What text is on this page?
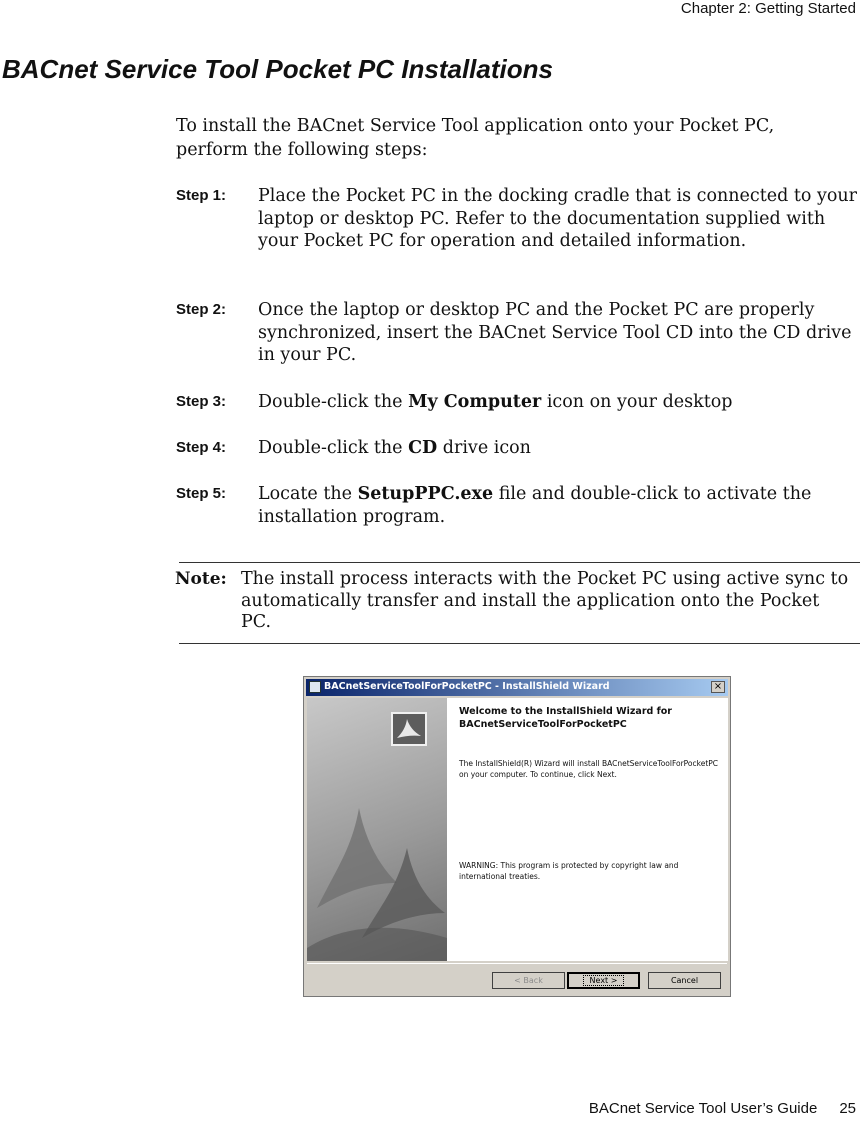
Chapter 2: Getting Started
BACnet Service Tool Pocket PC Installations

To install the BACnet Service Tool application onto your Pocket PC, perform the following steps:

Step 1: Place the Pocket PC in the docking cradle that is connected to your laptop or desktop PC. Refer to the documentation supplied with your Pocket PC for operation and detailed information.
Step 2: Once the laptop or desktop PC and the Pocket PC are properly synchronized, insert the BACnet Service Tool CD into the CD drive in your PC.
Step 3: Double-click the My Computer icon on your desktop
Step 4: Double-click the CD drive icon
Step 5: Locate the SetupPPC.exe file and double-click to activate the installation program.
Note: The install process interacts with the Pocket PC using active sync to automatically transfer and install the application onto the Pocket PC.
BACnetServiceToolForPocketPC - InstallShield Wizard	×
Welcome to the InstallShield Wizard for BACnetServiceToolForPocketPC
The InstallShield(R) Wizard will install BACnetServiceToolForPocketPC on your computer. To continue, click Next.
WARNING: This program is protected by copyright law and international treaties.
< Back	Next >	Cancel
BACnet Service Tool User’s Guide 25
